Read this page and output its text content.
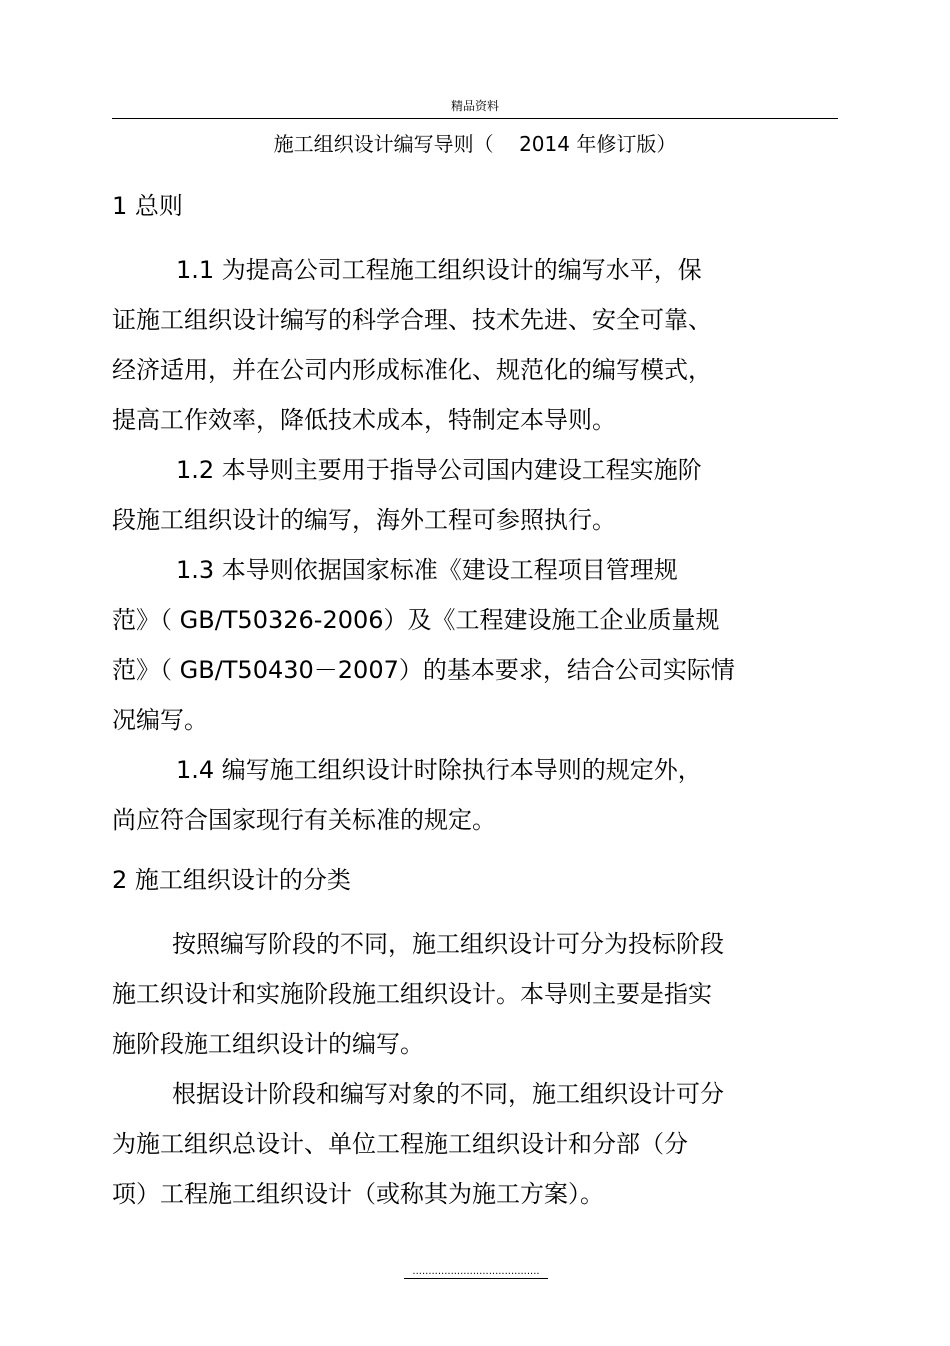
精品资料
施工组织设计编写导则（    2014 年修订版）
1 总则
1.1 为提高公司工程施工组织设计的编写水平，保
证施工组织设计编写的科学合理、技术先进、安全可靠、
经济适用，并在公司内形成标准化、规范化的编写模式，
提高工作效率，降低技术成本，特制定本导则。
1.2 本导则主要用于指导公司国内建设工程实施阶
段施工组织设计的编写，海外工程可参照执行。
1.3 本导则依据国家标准《建设工程项目管理规
范》（ GB/T50326-2006）及《工程建设施工企业质量规
范》（ GB/T50430－2007）的基本要求，结合公司实际情
况编写。
1.4 编写施工组织设计时除执行本导则的规定外，
尚应符合国家现行有关标准的规定。
2 施工组织设计的分类
按照编写阶段的不同，施工组织设计可分为投标阶段
施工织设计和实施阶段施工组织设计。本导则主要是指实
施阶段施工组织设计的编写。
根据设计阶段和编写对象的不同，施工组织设计可分
为施工组织总设计、单位工程施工组织设计和分部（分
项）工程施工组织设计（或称其为施工方案）。
........................................
